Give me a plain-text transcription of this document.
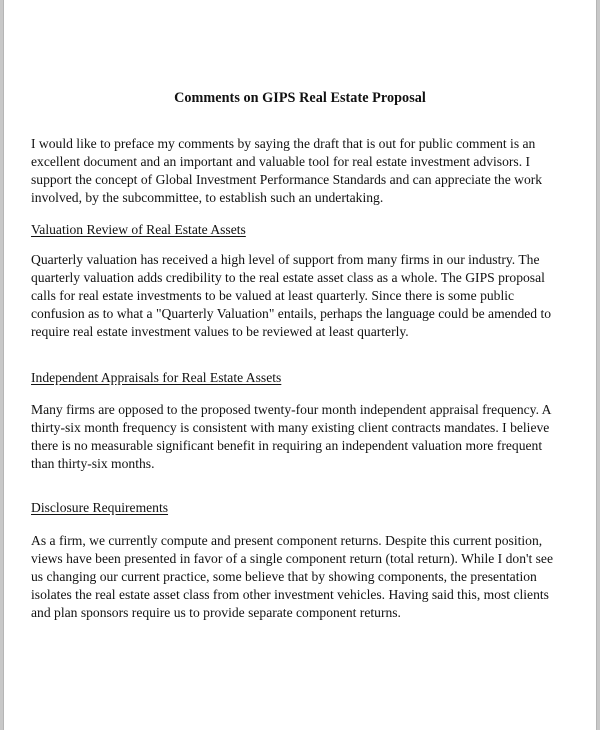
Comments on GIPS Real Estate Proposal
I would like to preface my comments by saying the draft that is out for public comment is an
excellent document and an important and valuable tool for real estate investment advisors. I
support the concept of Global Investment Performance Standards and can appreciate the work
involved, by the subcommittee, to establish such an undertaking.
Valuation Review of Real Estate Assets
Quarterly valuation has received a high level of support from many firms in our industry. The
quarterly valuation adds credibility to the real estate asset class as a whole. The GIPS proposal
calls for real estate investments to be valued at least quarterly. Since there is some public
confusion as to what a "Quarterly Valuation" entails, perhaps the language could be amended to
require real estate investment values to be reviewed at least quarterly.
Independent Appraisals for Real Estate Assets
Many firms are opposed to the proposed twenty-four month independent appraisal frequency. A
thirty-six month frequency is consistent with many existing client contracts mandates. I believe
there is no measurable significant benefit in requiring an independent valuation more frequent
than thirty-six months.
Disclosure Requirements
As a firm, we currently compute and present component returns. Despite this current position,
views have been presented in favor of a single component return (total return). While I don't see
us changing our current practice, some believe that by showing components, the presentation
isolates the real estate asset class from other investment vehicles. Having said this, most clients
and plan sponsors require us to provide separate component returns.
